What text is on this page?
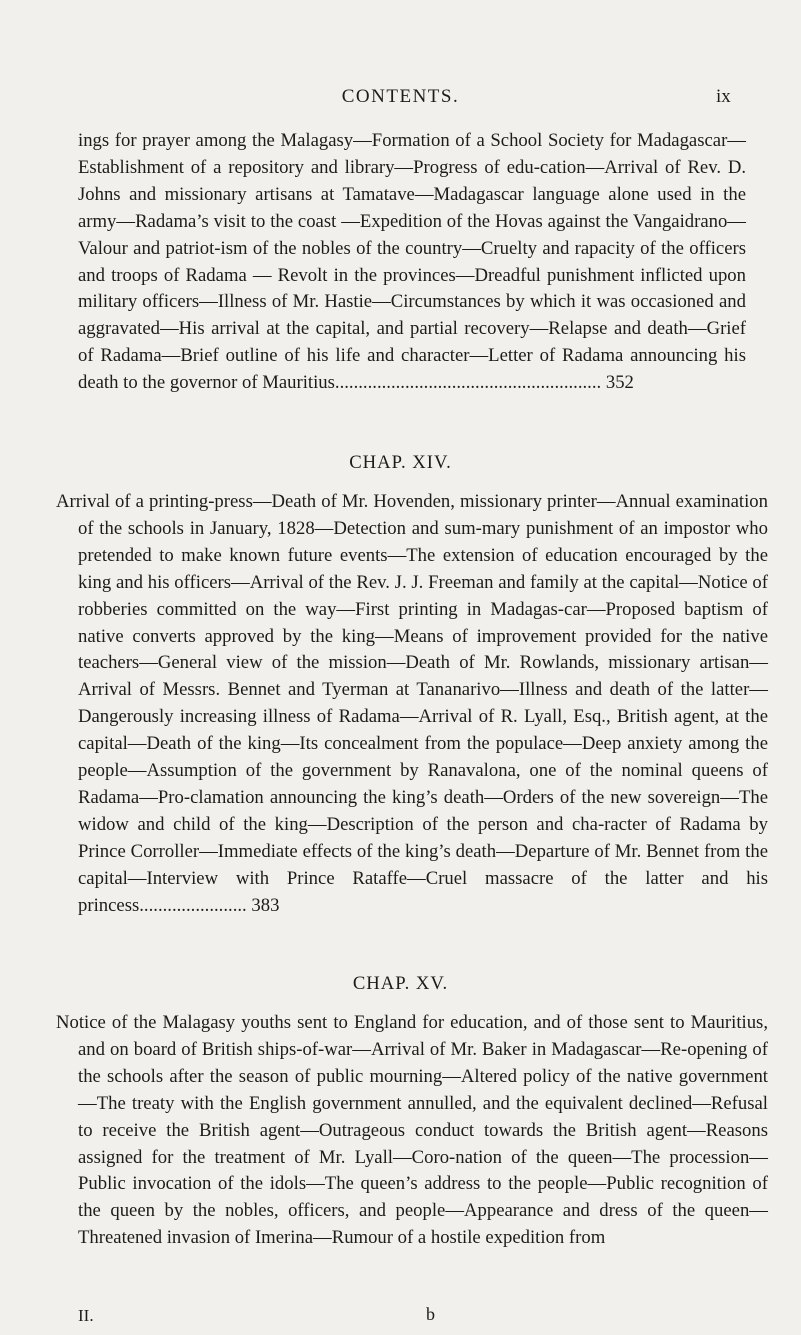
CONTENTS.	ix

ings for prayer among the Malagasy—Formation of a School Society for Madagascar—Establishment of a repository and library—Progress of edu-cation—Arrival of Rev. D. Johns and missionary artisans at Tamatave—Madagascar language alone used in the army—Radama’s visit to the coast —Expedition of the Hovas against the Vangaidrano—Valour and patriot-ism of the nobles of the country—Cruelty and rapacity of the officers and troops of Radama — Revolt in the provinces—Dreadful punishment inflicted upon military officers—Illness of Mr. Hastie—Circumstances by which it was occasioned and aggravated—His arrival at the capital, and partial recovery—Relapse and death—Grief of Radama—Brief outline of his life and character—Letter of Radama announcing his death to the governor of Mauritius......................................................... 352

CHAP. XIV.

Arrival of a printing-press—Death of Mr. Hovenden, missionary printer—Annual examination of the schools in January, 1828—Detection and sum-mary punishment of an impostor who pretended to make known future events—The extension of education encouraged by the king and his officers—Arrival of the Rev. J. J. Freeman and family at the capital—Notice of robberies committed on the way—First printing in Madagas-car—Proposed baptism of native converts approved by the king—Means of improvement provided for the native teachers—General view of the mission—Death of Mr. Rowlands, missionary artisan—Arrival of Messrs. Bennet and Tyerman at Tananarivo—Illness and death of the latter—Dangerously increasing illness of Radama—Arrival of R. Lyall, Esq., British agent, at the capital—Death of the king—Its concealment from the populace—Deep anxiety among the people—Assumption of the government by Ranavalona, one of the nominal queens of Radama—Pro-clamation announcing the king’s death—Orders of the new sovereign—The widow and child of the king—Description of the person and cha-racter of Radama by Prince Corroller—Immediate effects of the king’s death—Departure of Mr. Bennet from the capital—Interview with Prince Rataffe—Cruel massacre of the latter and his princess....................... 383

CHAP. XV.

Notice of the Malagasy youths sent to England for education, and of those sent to Mauritius, and on board of British ships-of-war—Arrival of Mr. Baker in Madagascar—Re-opening of the schools after the season of public mourning—Altered policy of the native government—The treaty with the English government annulled, and the equivalent declined—Refusal to receive the British agent—Outrageous conduct towards the British agent—Reasons assigned for the treatment of Mr. Lyall—Coro-nation of the queen—The procession—Public invocation of the idols—The queen’s address to the people—Public recognition of the queen by the nobles, officers, and people—Appearance and dress of the queen—Threatened invasion of Imerina—Rumour of a hostile expedition from

II.	b
